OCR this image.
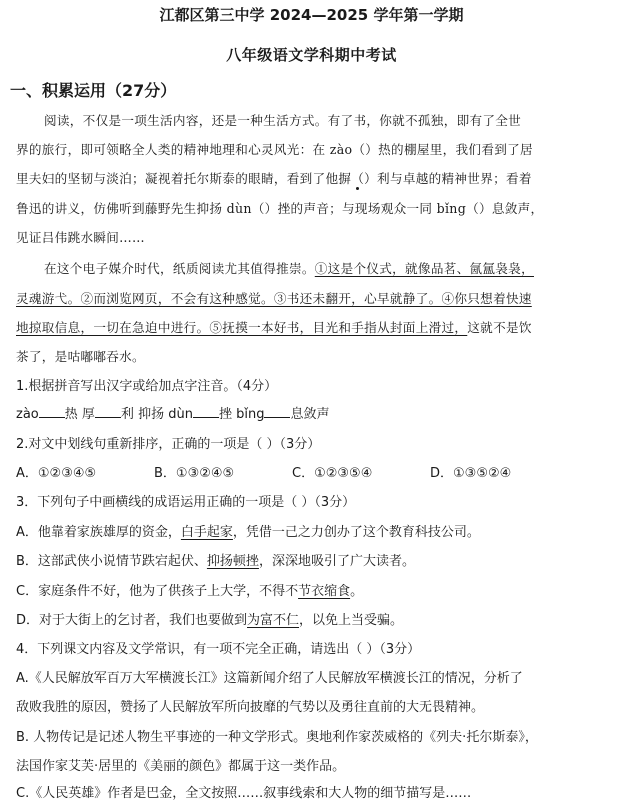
江都区第三中学 2024—2025 学年第一学期
八年级语文学科期中考试
一、积累运用（27分）
阅读，不仅是一项生活内容，还是一种生活方式。有了书，你就不孤独，即有了全世
界的旅行，即可领略全人类的精神地理和心灵风光：在 zào（）热的棚屋里，我们看到了居
里夫妇的坚韧与淡泊；凝视着托尔斯泰的眼睛，看到了他摒（）利与卓越的精神世界；看着
鲁迅的讲义，仿佛听到藤野先生抑扬 dùn（）挫的声音；与现场观众一同 bǐng（）息敛声，
见证吕伟跳水瞬间……
在这个电子媒介时代，纸质阅读尤其值得推崇。①这是个仪式，就像品茗、氤氲袅袅，
灵魂游弋。②而浏览网页，不会有这种感觉。③书还未翻开，心早就静了。④你只想着快速
地掠取信息，一切在急迫中进行。⑤抚摸一本好书，目光和手指从封面上滑过，这就不是饮
茶了，是咕嘟嘟吞水。
1.根据拼音写出汉字或给加点字注音。（4分）
zào 热 厚 利 抑扬 dùn 挫 bǐng 息敛声
2.对文中划线句重新排序，正确的一项是（ ）（3分）
A．①②③④⑤	B．①③②④⑤	C．①②③⑤④	D．①③⑤②④
3．下列句子中画横线的成语运用正确的一项是（ ）（3分）
A．他靠着家族雄厚的资金，白手起家，凭借一己之力创办了这个教育科技公司。
B．这部武侠小说情节跌宕起伏、抑扬顿挫，深深地吸引了广大读者。
C．家庭条件不好，他为了供孩子上大学，不得不节衣缩食。
D．对于大街上的乞讨者，我们也要做到为富不仁，以免上当受骗。
4．下列课文内容及文学常识，有一项不完全正确，请选出（ ）（3分）
A.《人民解放军百万大军横渡长江》这篇新闻介绍了人民解放军横渡长江的情况，分析了
敌败我胜的原因，赞扬了人民解放军所向披靡的气势以及勇往直前的大无畏精神。
B. 人物传记是记述人物生平事迹的一种文学形式。奥地利作家茨威格的《列夫·托尔斯泰》，
法国作家艾芙·居里的《美丽的颜色》都属于这一类作品。
C.《人民英雄》作者是巴金，全文按照……叙事线索和大人物的细节描写是……
